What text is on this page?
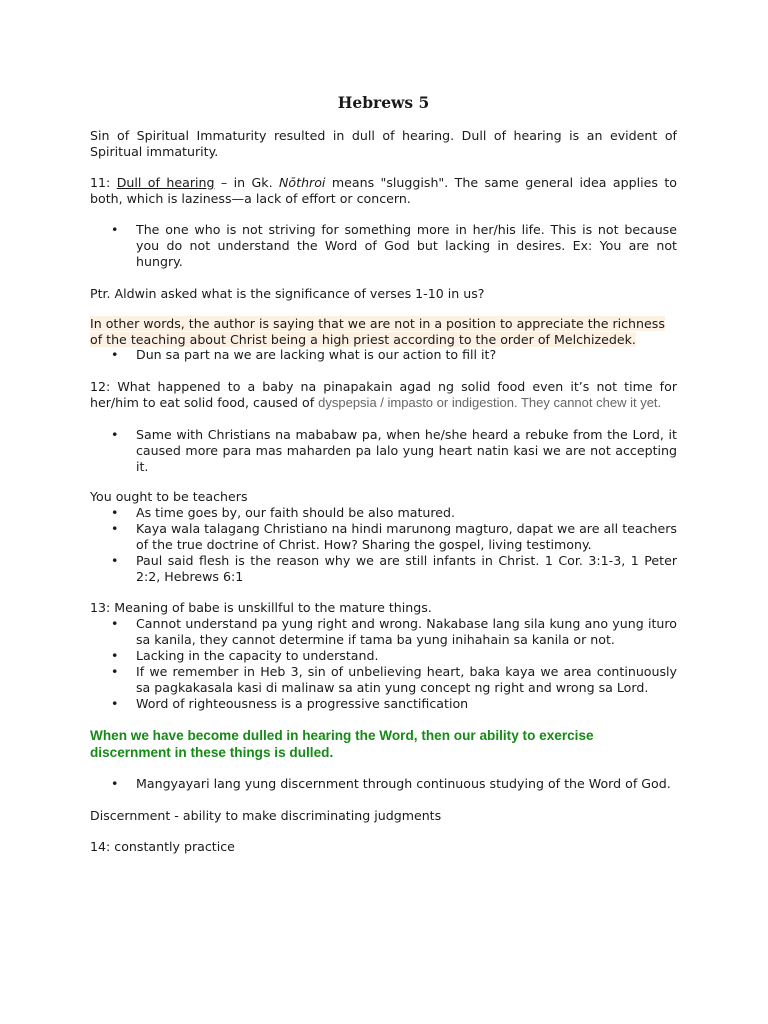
Hebrews 5
Sin of Spiritual Immaturity resulted in dull of hearing. Dull of hearing is an evident of Spiritual immaturity.
11: Dull of hearing – in Gk. Nōthroi means "sluggish". The same general idea applies to both, which is laziness—a lack of effort or concern.
• The one who is not striving for something more in her/his life. This is not because you do not understand the Word of God but lacking in desires. Ex: You are not hungry.
Ptr. Aldwin asked what is the significance of verses 1-10 in us?
In other words, the author is saying that we are not in a position to appreciate the richness of the teaching about Christ being a high priest according to the order of Melchizedek.
• Dun sa part na we are lacking what is our action to fill it?
12: What happened to a baby na pinapakain agad ng solid food even it’s not time for her/him to eat solid food, caused of dyspepsia / impasto or indigestion. They cannot chew it yet.
• Same with Christians na mababaw pa, when he/she heard a rebuke from the Lord, it caused more para mas maharden pa lalo yung heart natin kasi we are not accepting it.
You ought to be teachers
• As time goes by, our faith should be also matured.
• Kaya wala talagang Christiano na hindi marunong magturo, dapat we are all teachers of the true doctrine of Christ. How? Sharing the gospel, living testimony.
• Paul said flesh is the reason why we are still infants in Christ. 1 Cor. 3:1-3, 1 Peter 2:2, Hebrews 6:1
13: Meaning of babe is unskillful to the mature things.
• Cannot understand pa yung right and wrong. Nakabase lang sila kung ano yung ituro sa kanila, they cannot determine if tama ba yung inihahain sa kanila or not.
• Lacking in the capacity to understand.
• If we remember in Heb 3, sin of unbelieving heart, baka kaya we area continuously sa pagkakasala kasi di malinaw sa atin yung concept ng right and wrong sa Lord.
• Word of righteousness is a progressive sanctification
When we have become dulled in hearing the Word, then our ability to exercise discernment in these things is dulled.
• Mangyayari lang yung discernment through continuous studying of the Word of God.
Discernment - ability to make discriminating judgments
14: constantly practice
